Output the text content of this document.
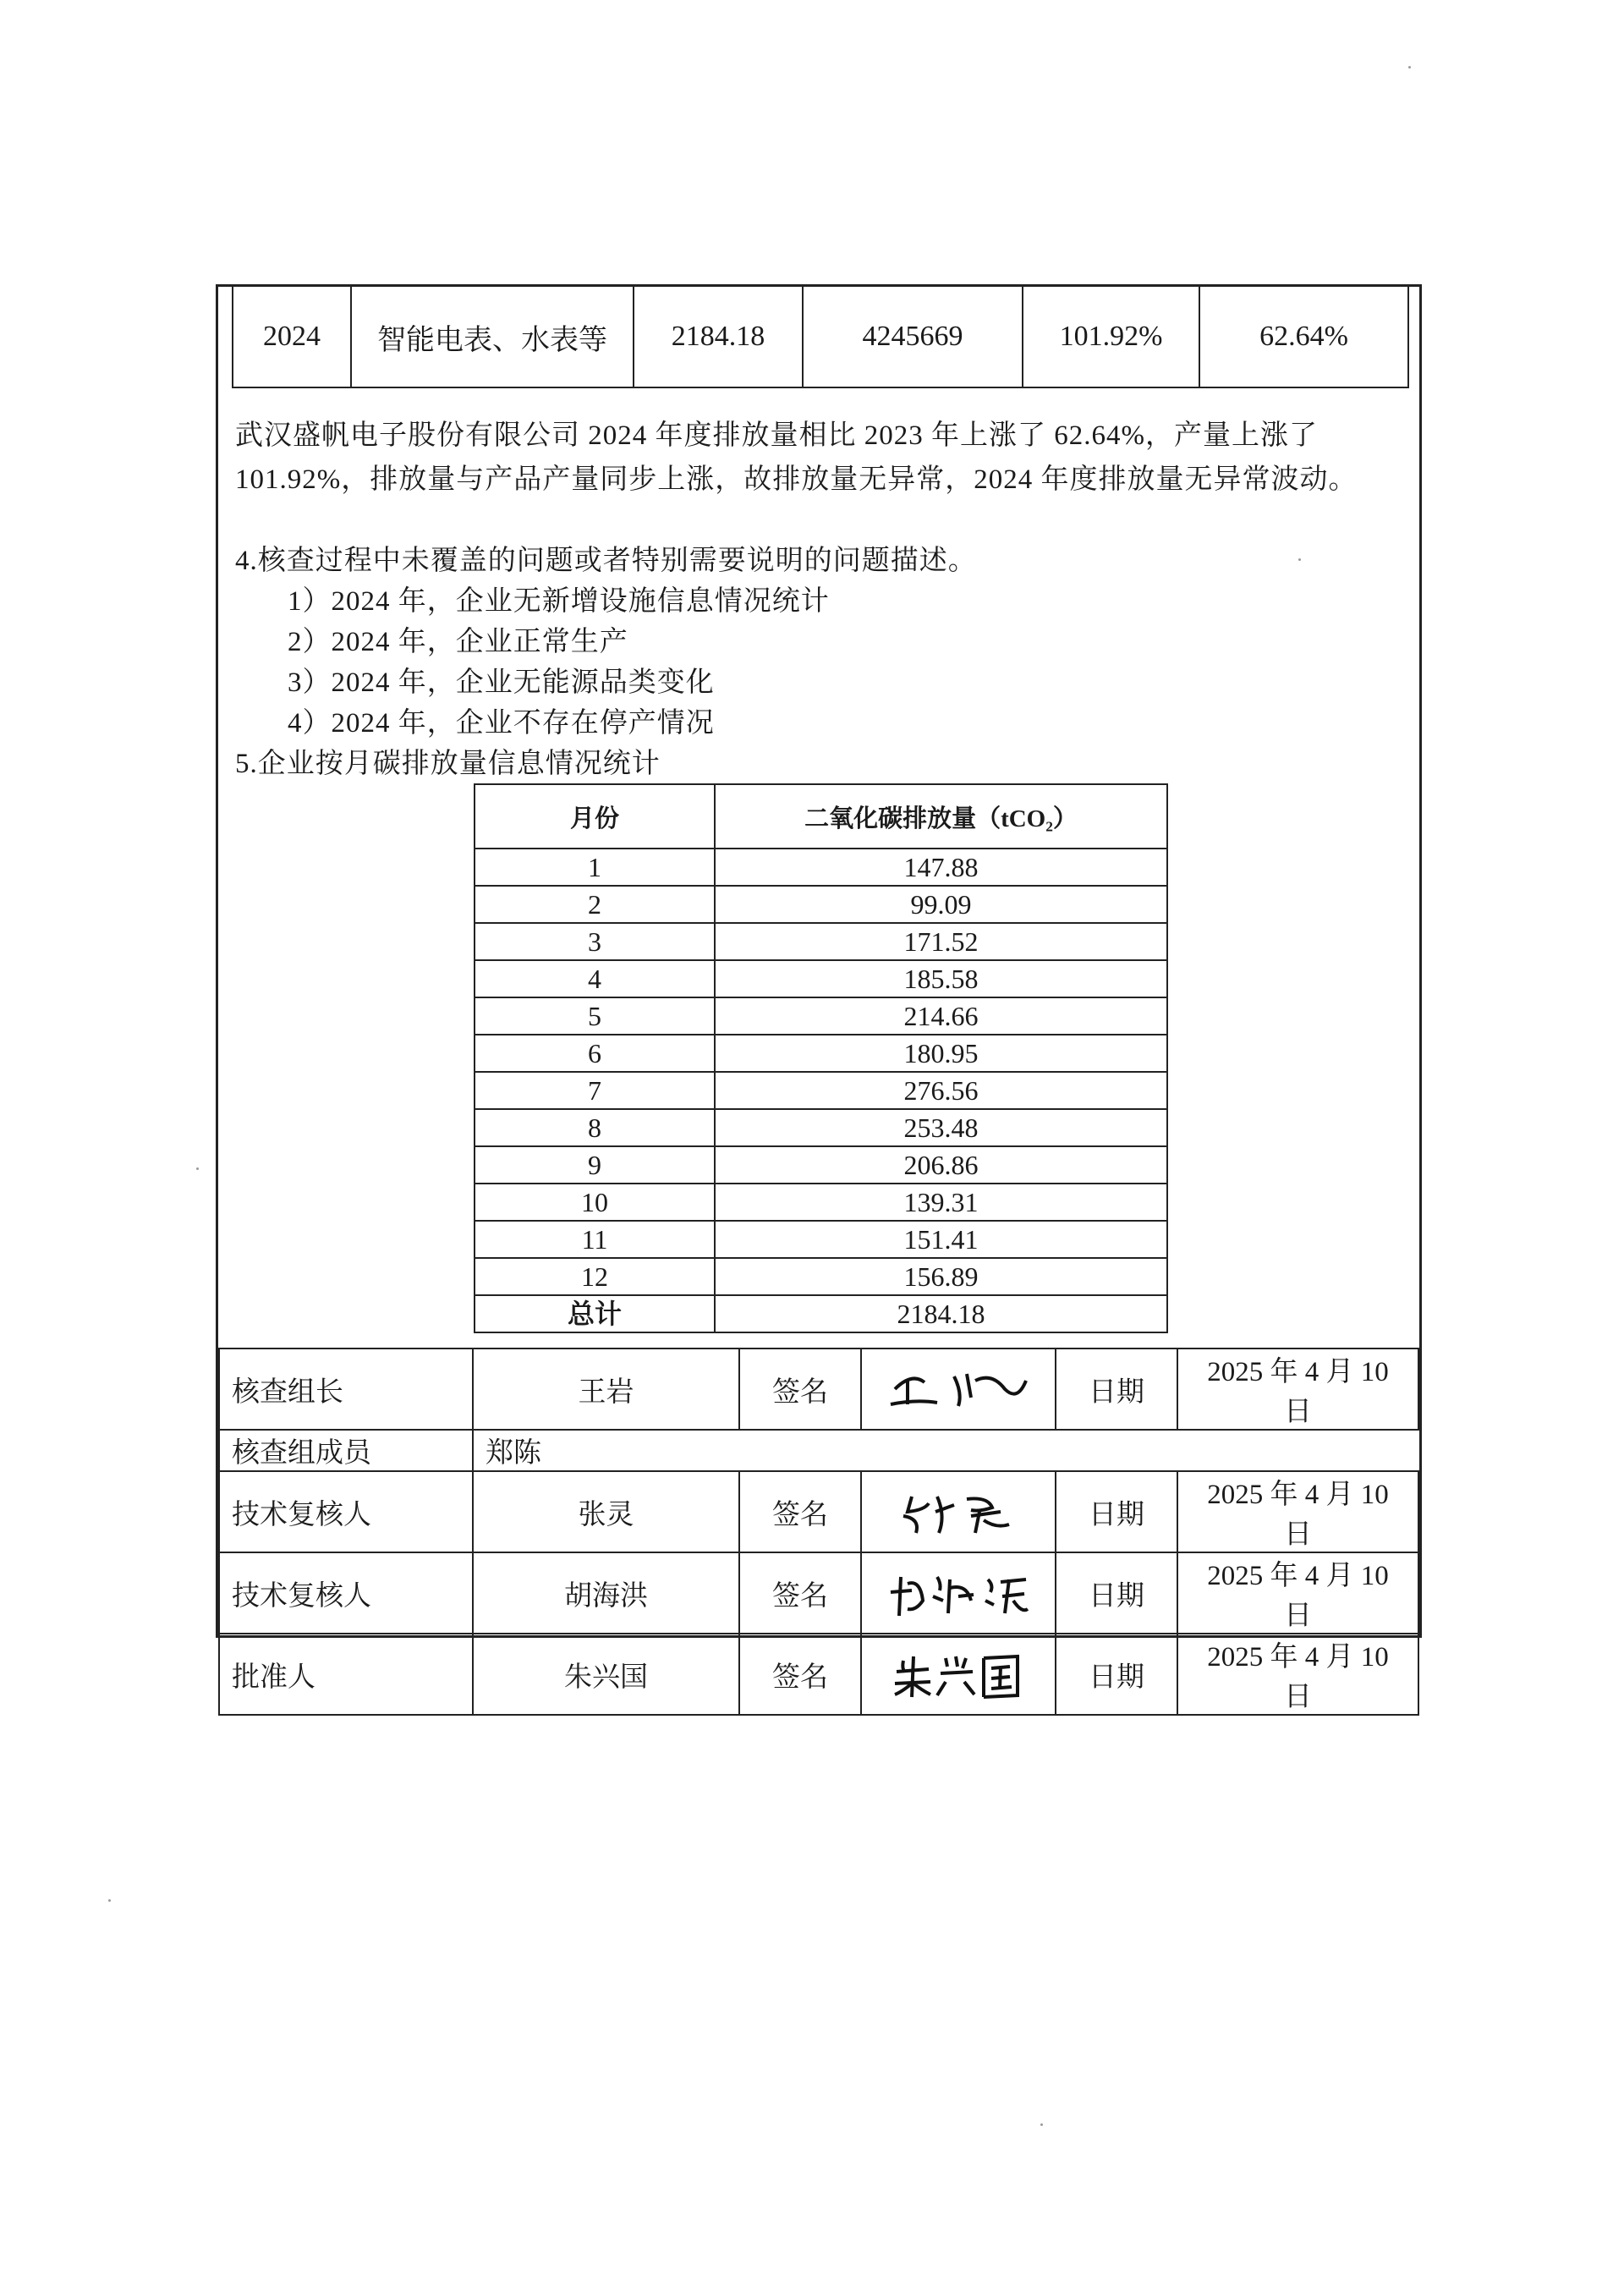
2024	智能电表、水表等	2184.18	4245669	101.92%	62.64%
武汉盛帆电子股份有限公司 2024 年度排放量相比 2023 年上涨了 62.64%，产量上涨了 101.92%，排放量与产品产量同步上涨，故排放量无异常，2024 年度排放量无异常波动。
4.核查过程中未覆盖的问题或者特别需要说明的问题描述。
1）2024 年，企业无新增设施信息情况统计
2）2024 年，企业正常生产
3）2024 年，企业无能源品类变化
4）2024 年，企业不存在停产情况
5.企业按月碳排放量信息情况统计
月份	二氧化碳排放量（tCO₂）
1	147.88
2	99.09
3	171.52
4	185.58
5	214.66
6	180.95
7	276.56
8	253.48
9	206.86
10	139.31
11	151.41
12	156.89
总计	2184.18
核查组长	王岩	签名		日期	2025 年 4 月 10 日
核查组成员	郑陈				
技术复核人	张灵	签名		日期	2025 年 4 月 10 日
技术复核人	胡海洪	签名		日期	2025 年 4 月 10 日
批准人	朱兴国	签名		日期	2025 年 4 月 10 日
